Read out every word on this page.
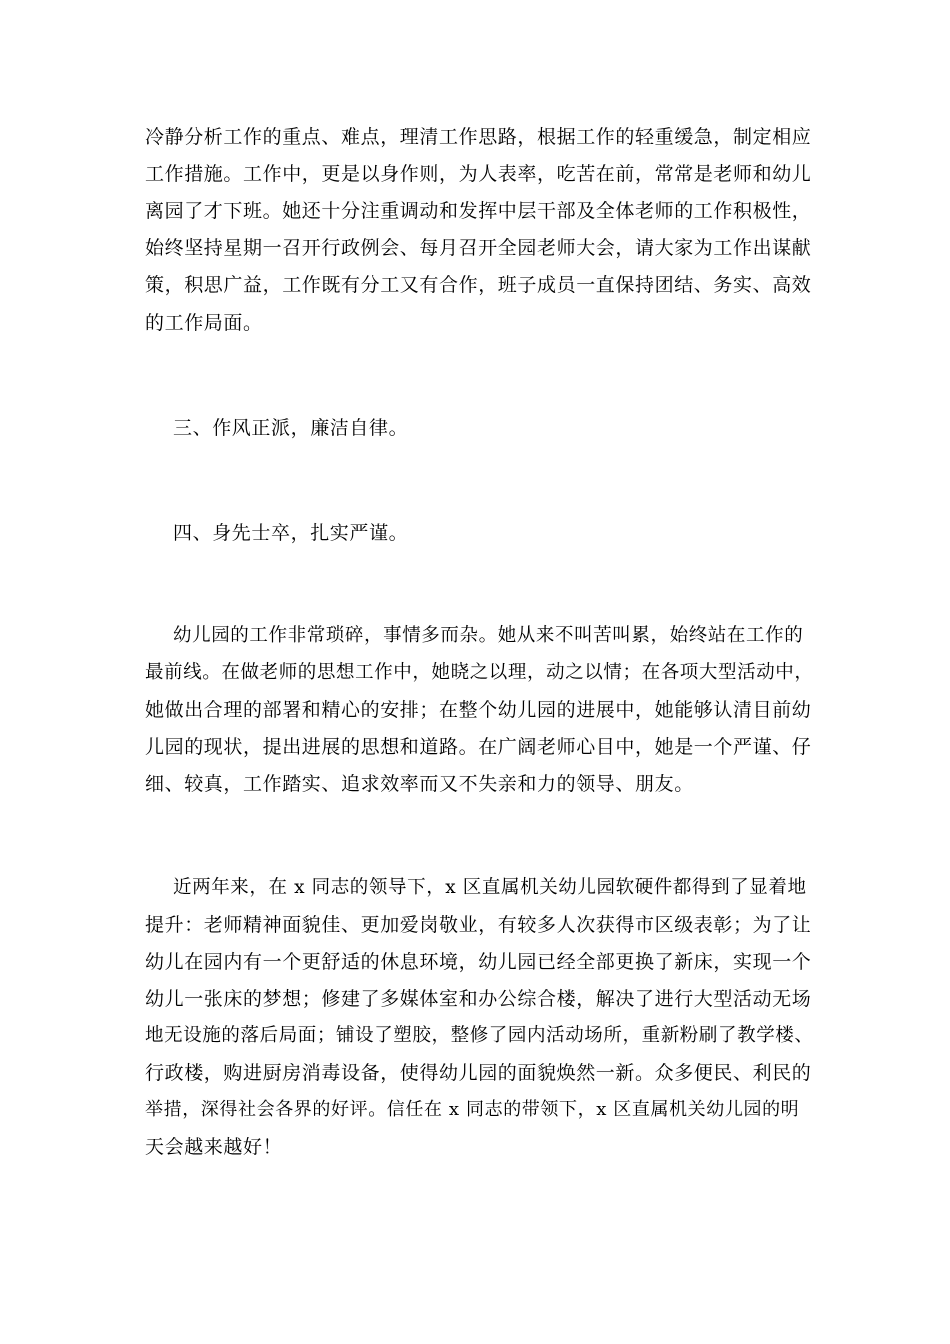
冷静分析工作的重点、难点，理清工作思路，根据工作的轻重缓急，制定相应
工作措施。工作中，更是以身作则，为人表率，吃苦在前，常常是老师和幼儿
离园了才下班。她还十分注重调动和发挥中层干部及全体老师的工作积极性，
始终坚持星期一召开行政例会、每月召开全园老师大会，请大家为工作出谋献
策，积思广益，工作既有分工又有合作，班子成员一直保持团结、务实、高效
的工作局面。
三、作风正派，廉洁自律。
四、身先士卒，扎实严谨。
幼儿园的工作非常琐碎，事情多而杂。她从来不叫苦叫累，始终站在工作的
最前线。在做老师的思想工作中，她晓之以理，动之以情；在各项大型活动中，
她做出合理的部署和精心的安排；在整个幼儿园的进展中，她能够认清目前幼
儿园的现状，提出进展的思想和道路。在广阔老师心目中，她是一个严谨、仔
细、较真，工作踏实、追求效率而又不失亲和力的领导、朋友。
近两年来，在 x 同志的领导下，x 区直属机关幼儿园软硬件都得到了显着地
提升：老师精神面貌佳、更加爱岗敬业，有较多人次获得市区级表彰；为了让
幼儿在园内有一个更舒适的休息环境，幼儿园已经全部更换了新床，实现一个
幼儿一张床的梦想；修建了多媒体室和办公综合楼，解决了进行大型活动无场
地无设施的落后局面；铺设了塑胶，整修了园内活动场所，重新粉刷了教学楼、
行政楼，购进厨房消毒设备，使得幼儿园的面貌焕然一新。众多便民、利民的
举措，深得社会各界的好评。信任在 x 同志的带领下，x 区直属机关幼儿园的明
天会越来越好！
